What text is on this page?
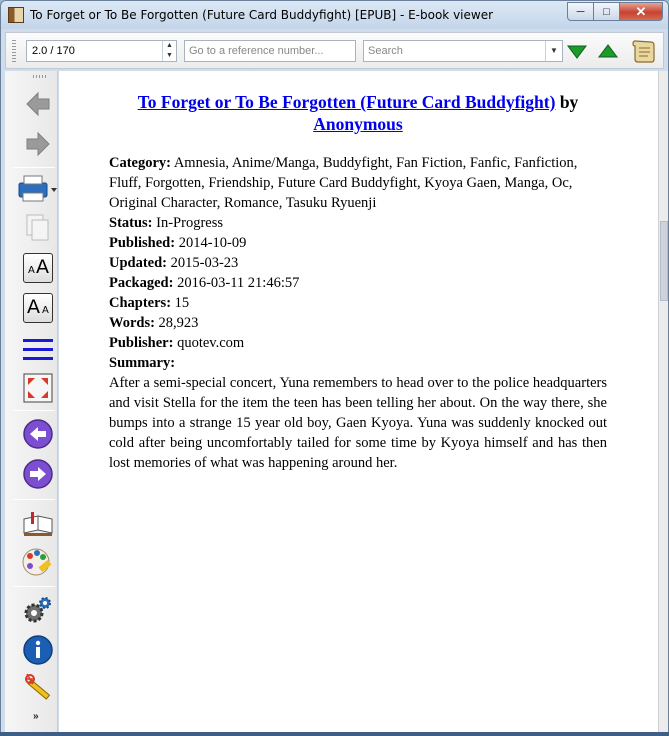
To Forget or To Be Forgotten (Future Card Buddyfight) [EPUB] - E-book viewer	─	□	✕
2.0 / 170	▲
▼	Go to a reference number...	Search	▼
A A
A A
»
To Forget or To Be Forgotten (Future Card Buddyfight) by
Anonymous
Category: Amnesia, Anime/Manga, Buddyfight, Fan Fiction, Fanfic, Fanfiction, Fluff, Forgotten, Friendship, Future Card Buddyfight, Kyoya Gaen, Manga, Oc, Original Character, Romance, Tasuku Ryuenji
Status: In-Progress
Published: 2014-10-09
Updated: 2015-03-23
Packaged: 2016-03-11 21:46:57
Chapters: 15
Words: 28,923
Publisher: quotev.com
Summary:
After a semi-special concert, Yuna remembers to head over to the police headquarters and visit Stella for the item the teen has been telling her about. On the way there, she bumps into a strange 15 year old boy, Gaen Kyoya. Yuna was suddenly knocked out cold after being uncomfortably tailed for some time by Kyoya himself and has then lost memories of what was happening around her.
